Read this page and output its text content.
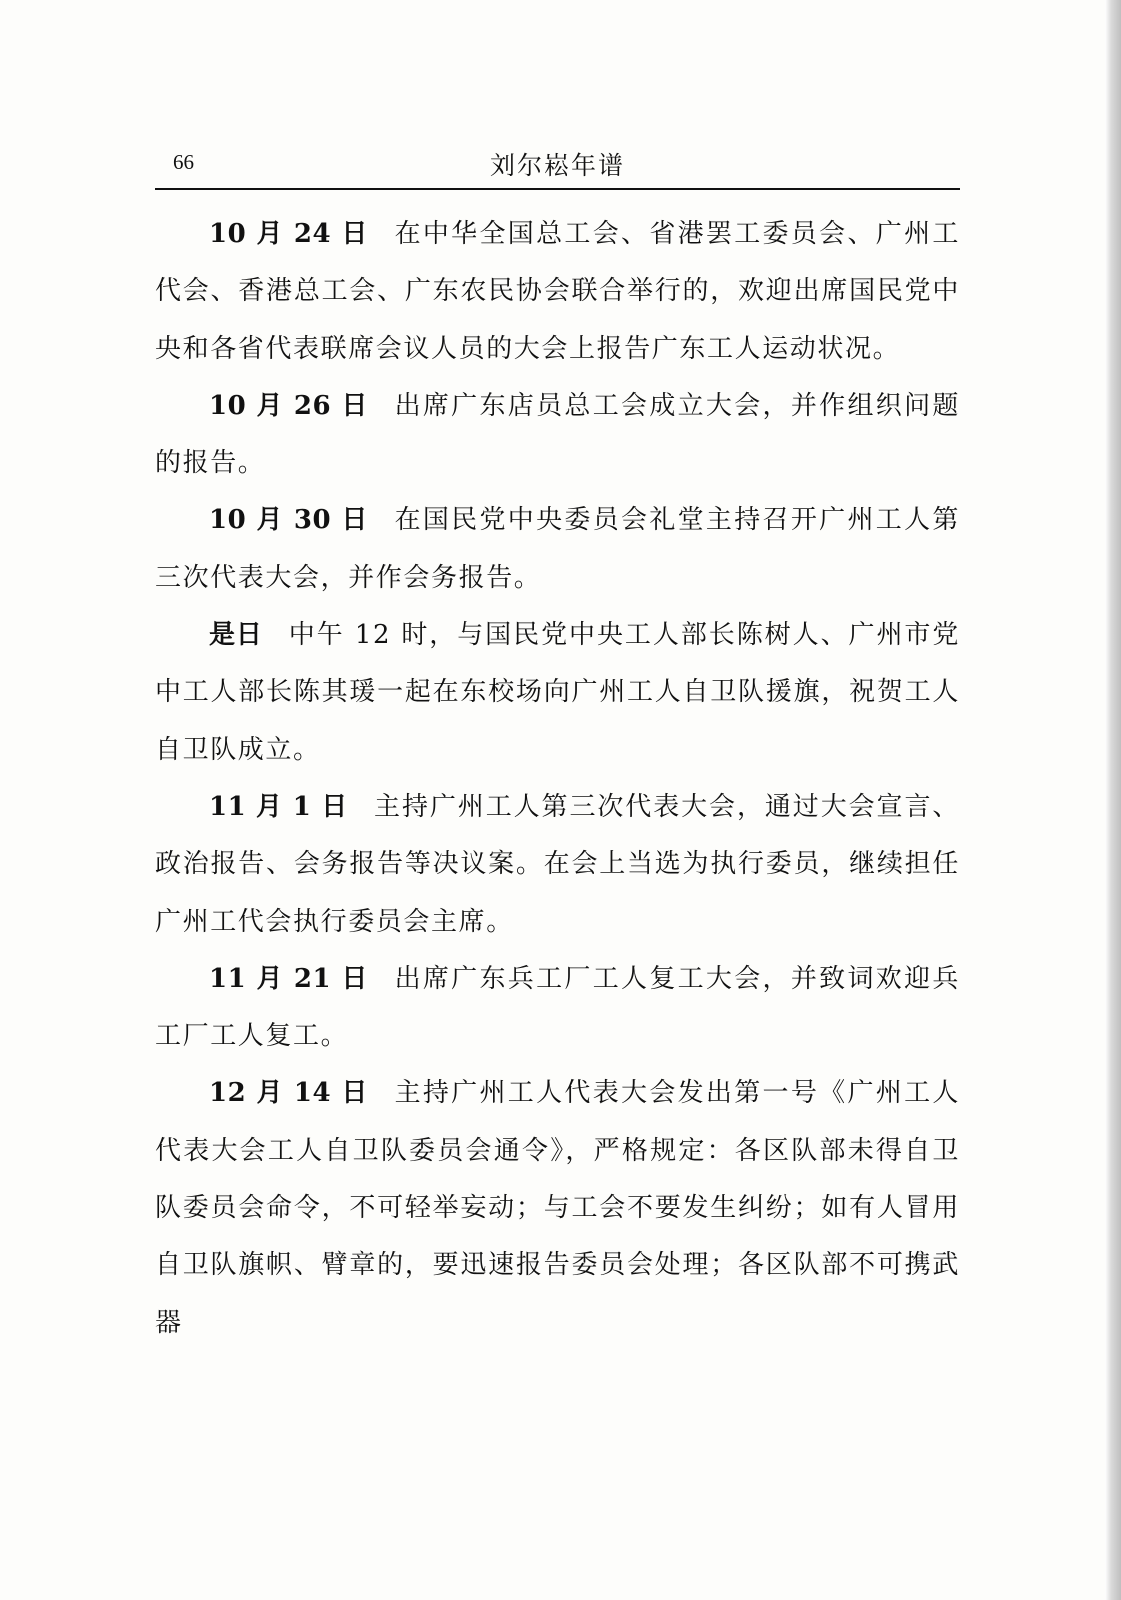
66	刘尔崧年谱

10 月 24 日 在中华全国总工会、省港罢工委员会、广州工代会、香港总工会、广东农民协会联合举行的，欢迎出席国民党中央和各省代表联席会议人员的大会上报告广东工人运动状况。

10 月 26 日 出席广东店员总工会成立大会，并作组织问题的报告。

10 月 30 日 在国民党中央委员会礼堂主持召开广州工人第三次代表大会，并作会务报告。

是日 中午 12 时，与国民党中央工人部长陈树人、广州市党中工人部长陈其瑗一起在东校场向广州工人自卫队援旗，祝贺工人自卫队成立。

11 月 1 日 主持广州工人第三次代表大会，通过大会宣言、政治报告、会务报告等决议案。在会上当选为执行委员，继续担任广州工代会执行委员会主席。

11 月 21 日 出席广东兵工厂工人复工大会，并致词欢迎兵工厂工人复工。

12 月 14 日 主持广州工人代表大会发出第一号《广州工人代表大会工人自卫队委员会通令》，严格规定：各区队部未得自卫队委员会命令，不可轻举妄动；与工会不要发生纠纷；如有人冒用自卫队旗帜、臂章的，要迅速报告委员会处理；各区队部不可携武器
